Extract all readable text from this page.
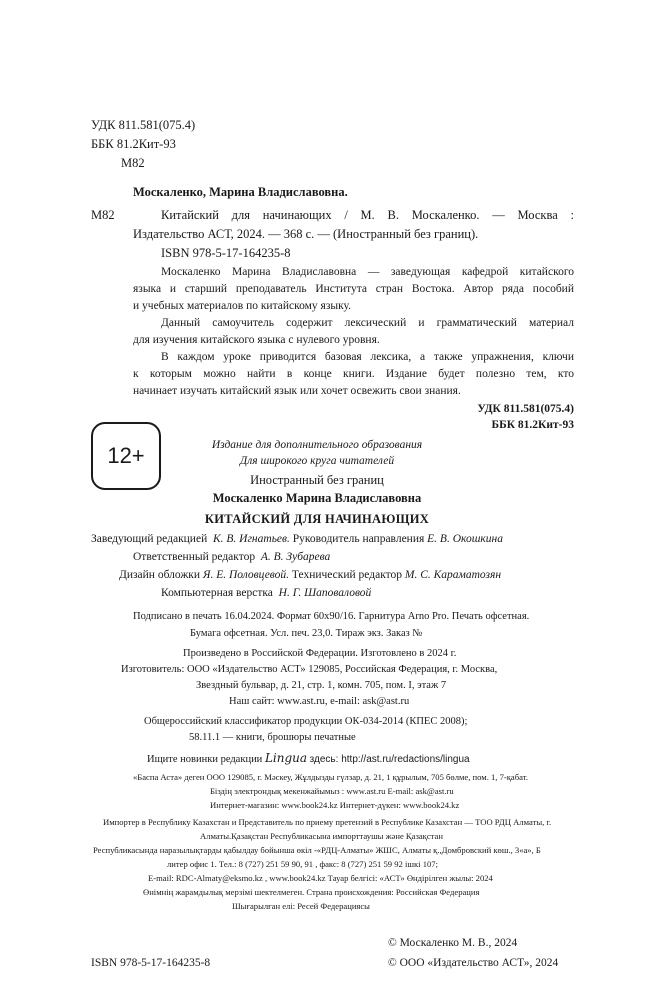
УДК 811.581(075.4)
ББК 81.2Кит-93
М82
Москаленко, Марина Владиславовна.
М82	Китайский для начинающих / М. В. Москаленко. — Москва :
Издательство АСТ, 2024. — 368 с. — (Иностранный без границ).
ISBN 978-5-17-164235-8
Москаленко Марина Владиславовна — заведующая кафедрой китайского
языка и старший преподаватель Института стран Востока. Автор ряда пособий
и учебных материалов по китайскому языку.
Данный самоучитель содержит лексический и грамматический материал
для изучения китайского языка с нулевого уровня.
В каждом уроке приводится базовая лексика, а также упражнения, ключи
к которым можно найти в конце книги. Издание будет полезно тем, кто
начинает изучать китайский язык или хочет освежить свои знания.
УДК 811.581(075.4)
ББК 81.2Кит-93
12+	Издание для дополнительного образования
Для широкого круга читателей
Иностранный без границ
Москаленко Марина Владиславовна
КИТАЙСКИЙ ДЛЯ НАЧИНАЮЩИХ
Заведующий редакцией К. В. Игнатьев. Руководитель направления Е. В. Окошкина
Ответственный редактор А. В. Зубарева
Дизайн обложки Я. Е. Половцевой. Технический редактор М. С. Караматозян
Компьютерная верстка Н. Г. Шаповаловой
Подписано в печать 16.04.2024. Формат 60х90/16. Гарнитура Arno Pro. Печать офсетная.
Бумага офсетная. Усл. печ. 23,0. Тираж экз. Заказ №
Произведено в Российской Федерации. Изготовлено в 2024 г.
Изготовитель: ООО «Издательство АСТ» 129085, Российская Федерация, г. Москва,
Звездный бульвар, д. 21, стр. 1, комн. 705, пом. I, этаж 7
Наш сайт: www.ast.ru, e-mail: ask@ast.ru
Общероссийский классификатор продукции ОК-034-2014 (КПЕС 2008);
58.11.1 — книги, брошюры печатные
Ищите новинки редакции Lingua здесь: http://ast.ru/redactions/lingua
«Баспа Аста» деген ООО 129085, г. Мәскеу, Жұлдызды гүлзар, д. 21, 1 құрылым, 705 бөлме, пом. 1, 7-қабат.
Біздің электрондық мекенжайымыз : www.ast.ru E-mail: ask@ast.ru
Интернет-магазин: www.book24.kz Интернет-дүкен: www.book24.kz
Импортер в Республику Казахстан и Представитель по приему претензий в Республике Казахстан — ТОО РДЦ Алматы, г.
Алматы.Қазақстан Республикасына импорттаушы және Қазақстан
Республикасында наразылықтарды қабылдау бойынша өкіл -«РДЦ-Алматы» ЖШС, Алматы қ.,Домбровский көш., 3«а», Б
литер офис 1. Тел.: 8 (727) 251 59 90, 91 , факс: 8 (727) 251 59 92 ішкі 107;
E-mail: RDC-Almaty@eksmo.kz , www.book24.kz Тауар белгісі: «АСТ» Өндірілген жылы: 2024
Өнімнің жарамдылық мерзімі шектелмеген. Страна происхождения: Российская Федерация
Шығарылған елі: Ресей Федерациясы
ISBN 978-5-17-164235-8
© Москаленко М. В., 2024
© ООО «Издательство АСТ», 2024
